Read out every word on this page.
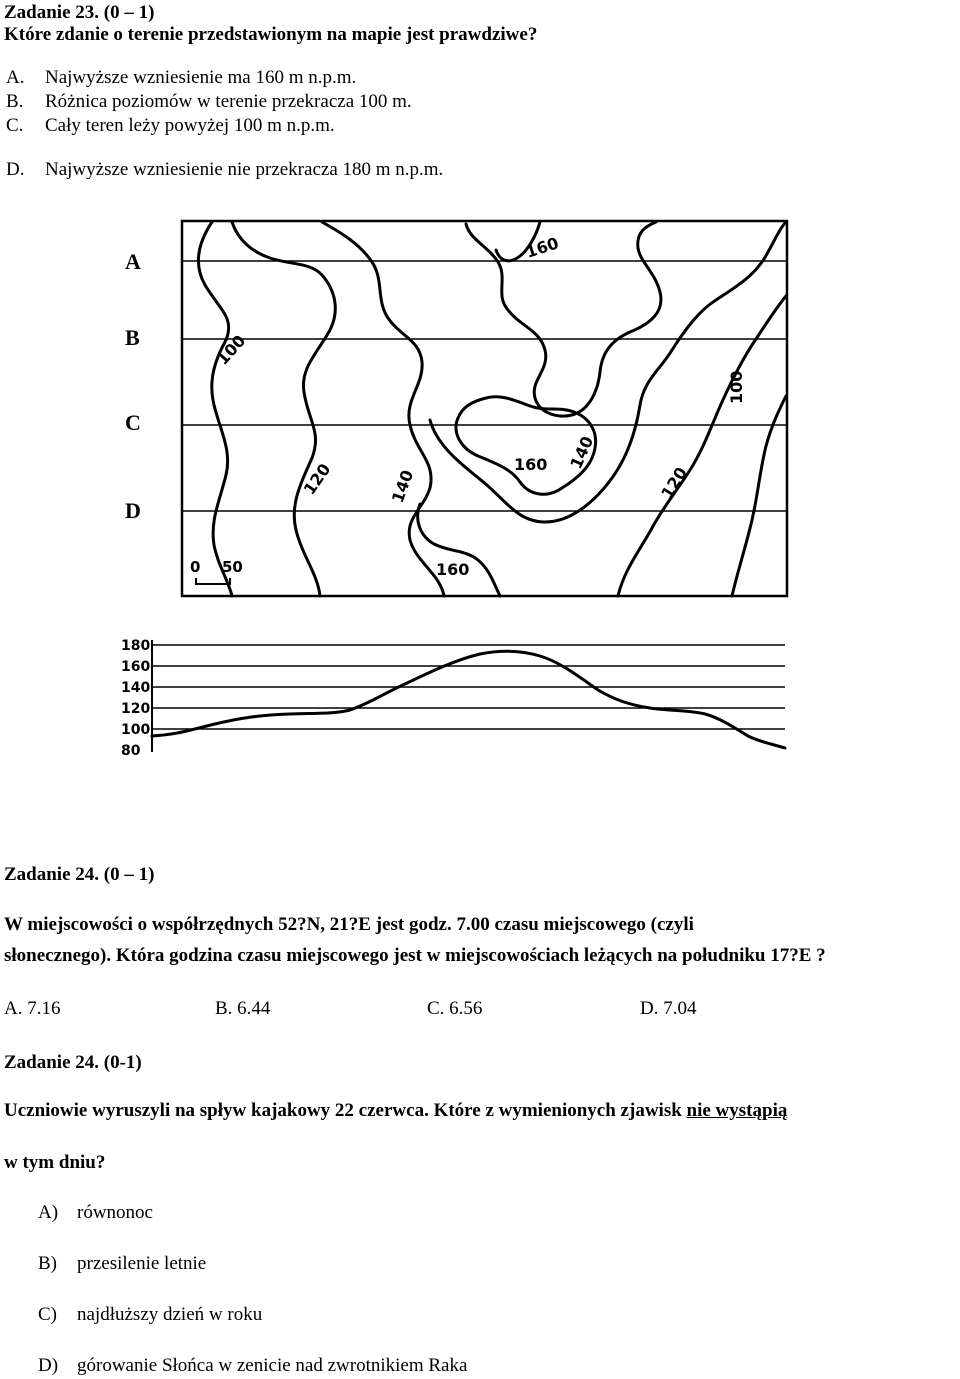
Zadanie 23. (0 – 1)
Które zdanie o terenie przedstawionym na mapie jest prawdziwe?
A. Najwyższe wzniesienie ma 160 m n.p.m.
B. Różnica poziomów w terenie przekracza 100 m.
C. Cały teren leży powyżej 100 m n.p.m.
D. Najwyższe wzniesienie nie przekracza 180 m n.p.m.
A
B
C
D
160
100
100
120	140
160 140
120
160
0 50
180
160
140
120
100
80
Zadanie 24. (0 – 1)
W miejscowości o współrzędnych 52?N, 21?E jest godz. 7.00 czasu miejscowego (czyli
słonecznego). Która godzina czasu miejscowego jest w miejscowościach leżących na południku 17?E ?
A. 7.16	B. 6.44	C. 6.56	D. 7.04
Zadanie 24. (0-1)
Uczniowie wyruszyli na spływ kajakowy 22 czerwca. Które z wymienionych zjawisk nie wystąpią
w tym dniu?
A) równonoc
B) przesilenie letnie
C) najdłuższy dzień w roku
D) górowanie Słońca w zenicie nad zwrotnikiem Raka
